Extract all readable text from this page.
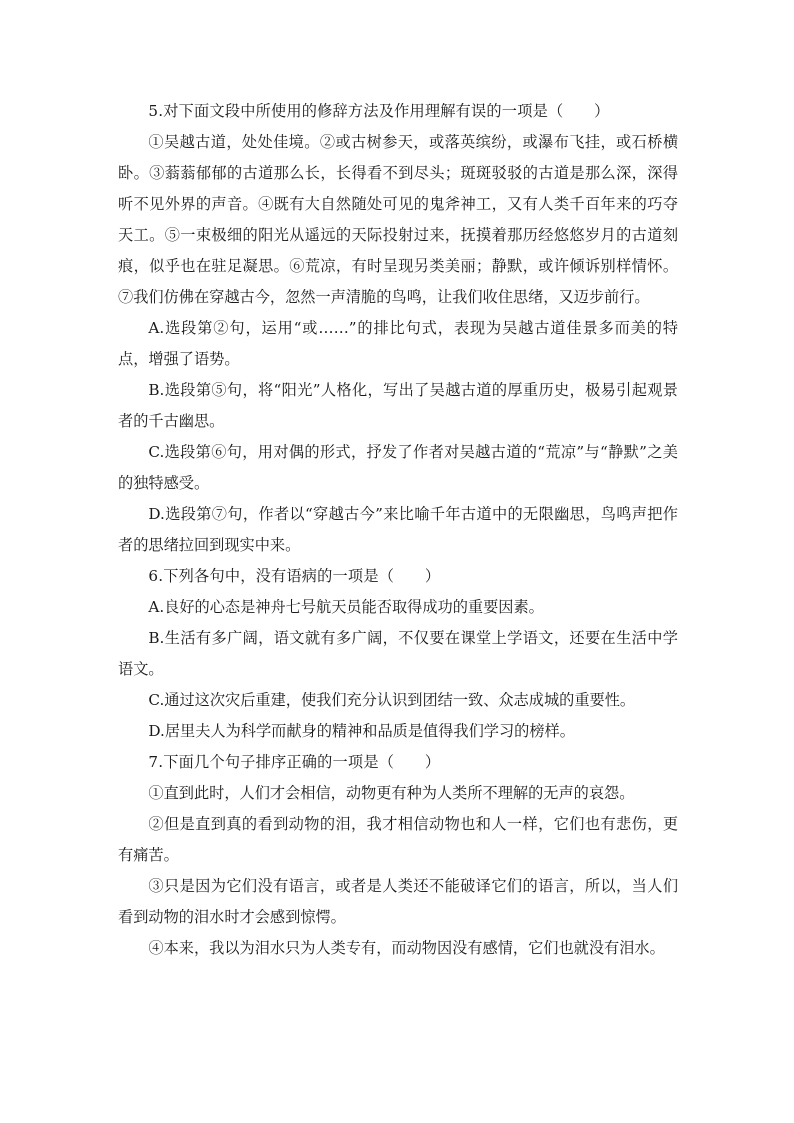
5.对下面文段中所使用的修辞方法及作用理解有误的一项是（　　）

①吴越古道，处处佳境。②或古树参天，或落英缤纷，或瀑布飞挂，或石桥横卧。③蓊蓊郁郁的古道那么长，长得看不到尽头；斑斑驳驳的古道是那么深，深得听不见外界的声音。④既有大自然随处可见的鬼斧神工，又有人类千百年来的巧夺天工。⑤一束极细的阳光从遥远的天际投射过来，抚摸着那历经悠悠岁月的古道刻痕，似乎也在驻足凝思。⑥荒凉，有时呈现另类美丽；静默，或许倾诉别样情怀。⑦我们仿佛在穿越古今，忽然一声清脆的鸟鸣，让我们收住思绪，又迈步前行。

A.选段第②句，运用“或……”的排比句式，表现为吴越古道佳景多而美的特点，增强了语势。

B.选段第⑤句，将“阳光”人格化，写出了吴越古道的厚重历史，极易引起观景者的千古幽思。

C.选段第⑥句，用对偶的形式，抒发了作者对吴越古道的“荒凉”与“静默”之美的独特感受。

D.选段第⑦句，作者以“穿越古今”来比喻千年古道中的无限幽思，鸟鸣声把作者的思绪拉回到现实中来。

6.下列各句中，没有语病的一项是（　　）

A.良好的心态是神舟七号航天员能否取得成功的重要因素。

B.生活有多广阔，语文就有多广阔，不仅要在课堂上学语文，还要在生活中学语文。

C.通过这次灾后重建，使我们充分认识到团结一致、众志成城的重要性。

D.居里夫人为科学而献身的精神和品质是值得我们学习的榜样。

7.下面几个句子排序正确的一项是（　　）

①直到此时，人们才会相信，动物更有种为人类所不理解的无声的哀怨。

②但是直到真的看到动物的泪，我才相信动物也和人一样，它们也有悲伤，更有痛苦。

③只是因为它们没有语言，或者是人类还不能破译它们的语言，所以，当人们看到动物的泪水时才会感到惊愕。

④本来，我以为泪水只为人类专有，而动物因没有感情，它们也就没有泪水。
